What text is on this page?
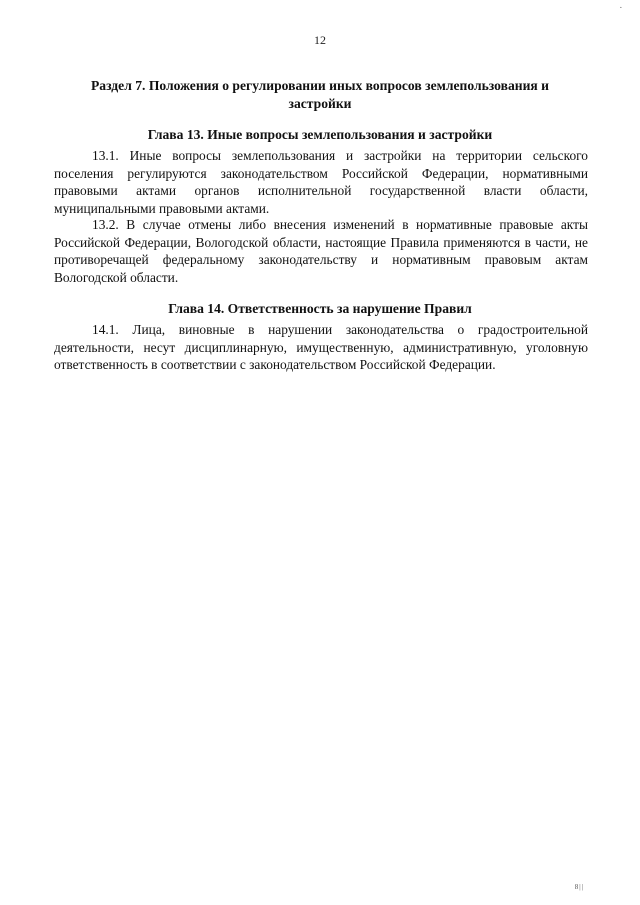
.
12
Раздел 7. Положения о регулировании иных вопросов землепользования и застройки
Глава 13. Иные вопросы землепользования и застройки

13.1. Иные вопросы землепользования и застройки на территории сельского поселения регулируются законодательством Российской Федерации, нормативными правовыми актами органов исполнительной государственной власти области, муниципальными правовыми актами.

13.2. В случае отмены либо внесения изменений в нормативные правовые акты Российской Федерации, Вологодской области, настоящие Правила применяются в части, не противоречащей федеральному законодательству и нормативным правовым актам Вологодской области.

Глава 14. Ответственность за нарушение Правил

14.1. Лица, виновные в нарушении законодательства о градостроительной деятельности, несут дисциплинарную, имущественную, административную, уголовную ответственность в соответствии с законодательством Российской Федерации.

8||
